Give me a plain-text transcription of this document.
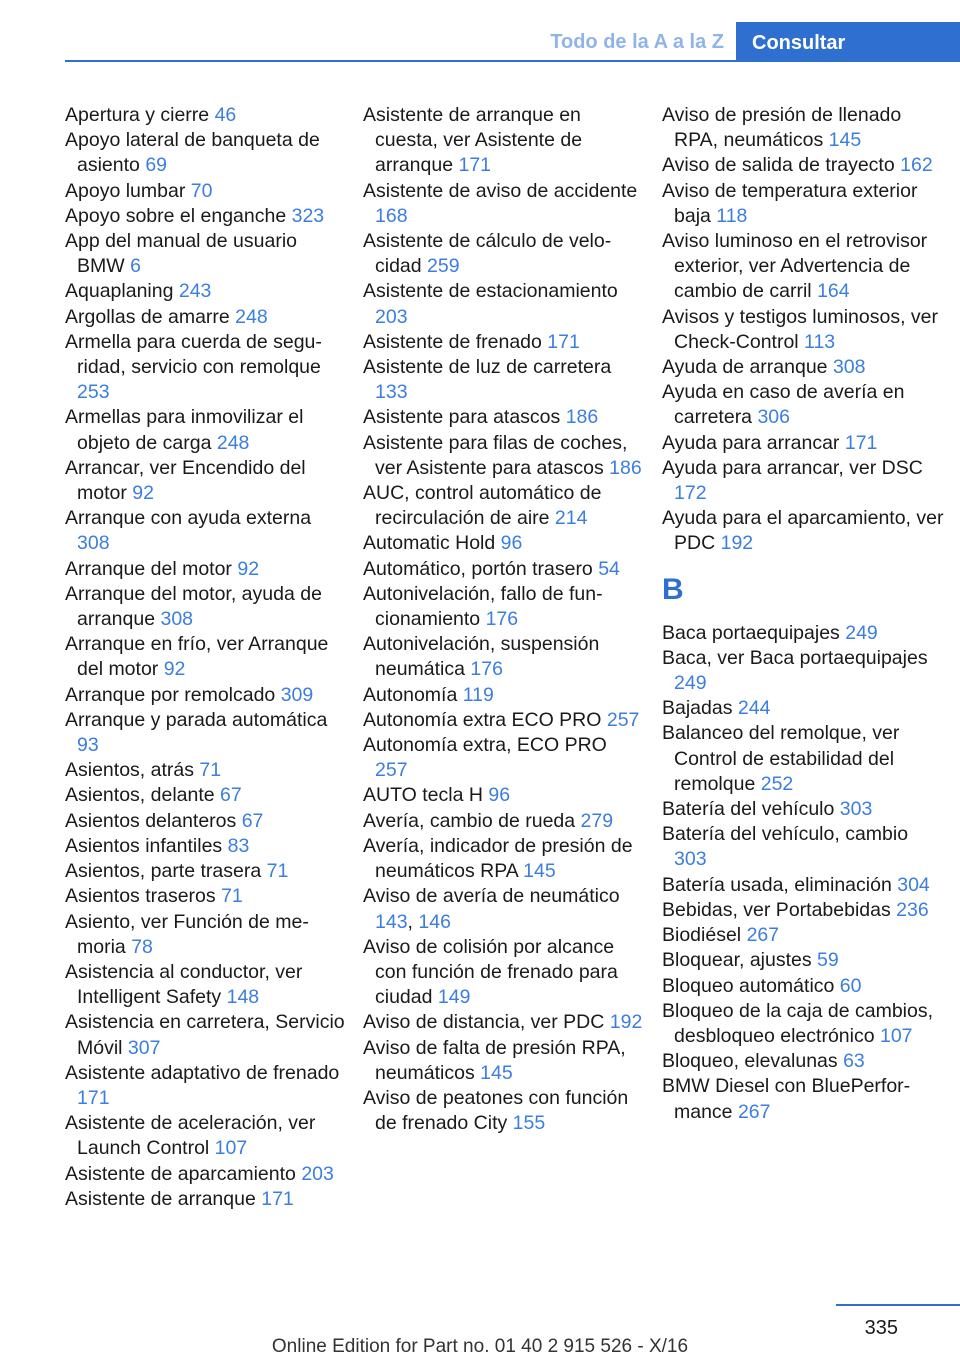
Todo de la A a la Z	Consultar

Apertura y cierre 46

Apoyo lateral de banqueta de asiento 69

Apoyo lumbar 70

Apoyo sobre el enganche 323

App del manual de usuario BMW 6

Aquaplaning 243

Argollas de amarre 248

Armella para cuerda de seguridad, servicio con remolque 253

Armellas para inmovilizar el objeto de carga 248

Arrancar, ver Encendido del motor 92

Arranque con ayuda externa 308

Arranque del motor 92

Arranque del motor, ayuda de arranque 308

Arranque en frío, ver Arranque del motor 92

Arranque por remolcado 309

Arranque y parada automática 93

Asientos, atrás 71

Asientos, delante 67

Asientos delanteros 67

Asientos infantiles 83

Asientos, parte trasera 71

Asientos traseros 71

Asiento, ver Función de memoria 78

Asistencia al conductor, ver Intelligent Safety 148

Asistencia en carretera, Servicio Móvil 307

Asistente adaptativo de frenado 171

Asistente de aceleración, ver Launch Control 107

Asistente de aparcamiento 203

Asistente de arranque 171

Asistente de arranque en cuesta, ver Asistente de arranque 171

Asistente de aviso de accidente 168

Asistente de cálculo de velocidad 259

Asistente de estacionamiento 203

Asistente de frenado 171

Asistente de luz de carretera 133

Asistente para atascos 186

Asistente para filas de coches, ver Asistente para atascos 186

AUC, control automático de recirculación de aire 214

Automatic Hold 96

Automático, portón trasero 54

Autonivelación, fallo de funcionamiento 176

Autonivelación, suspensión neumática 176

Autonomía 119

Autonomía extra ECO PRO 257

Autonomía extra, ECO PRO 257

AUTO tecla H 96

Avería, cambio de rueda 279

Avería, indicador de presión de neumáticos RPA 145

Aviso de avería de neumático 143, 146

Aviso de colisión por alcance con función de frenado para ciudad 149

Aviso de distancia, ver PDC 192

Aviso de falta de presión RPA, neumáticos 145

Aviso de peatones con función de frenado City 155

Aviso de presión de llenado RPA, neumáticos 145

Aviso de salida de trayecto 162

Aviso de temperatura exterior baja 118

Aviso luminoso en el retrovisor exterior, ver Advertencia de cambio de carril 164

Avisos y testigos luminosos, ver Check-Control 113

Ayuda de arranque 308

Ayuda en caso de avería en carretera 306

Ayuda para arrancar 171

Ayuda para arrancar, ver DSC 172

Ayuda para el aparcamiento, ver PDC 192

B

Baca portaequipajes 249

Baca, ver Baca portaequipajes 249

Bajadas 244

Balanceo del remolque, ver Control de estabilidad del remolque 252

Batería del vehículo 303

Batería del vehículo, cambio 303

Batería usada, eliminación 304

Bebidas, ver Portabebidas 236

Biodiésel 267

Bloquear, ajustes 59

Bloqueo automático 60

Bloqueo de la caja de cambios, desbloqueo electrónico 107

Bloqueo, elevalunas 63

BMW Diesel con BluePerformance 267

335
Online Edition for Part no. 01 40 2 915 526 - X/16
